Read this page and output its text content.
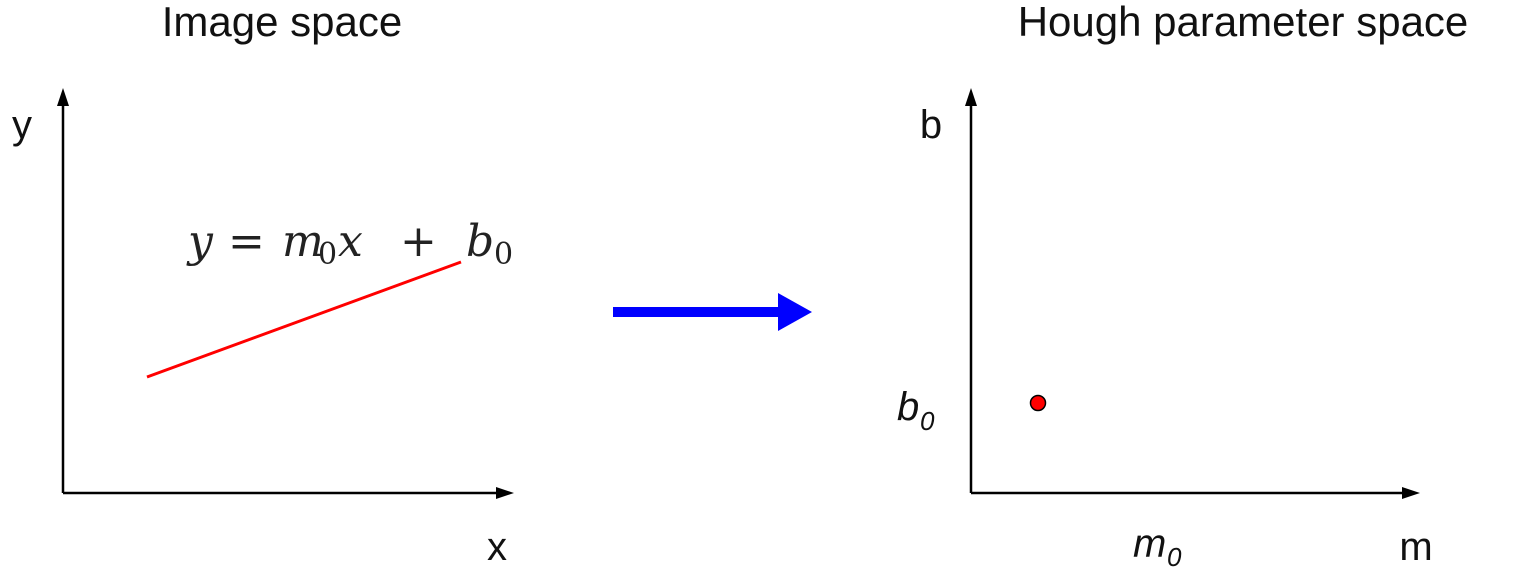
Image space
y
x
y = m
0 x + b 0
Hough parameter space
b
m
b 0
m 0
